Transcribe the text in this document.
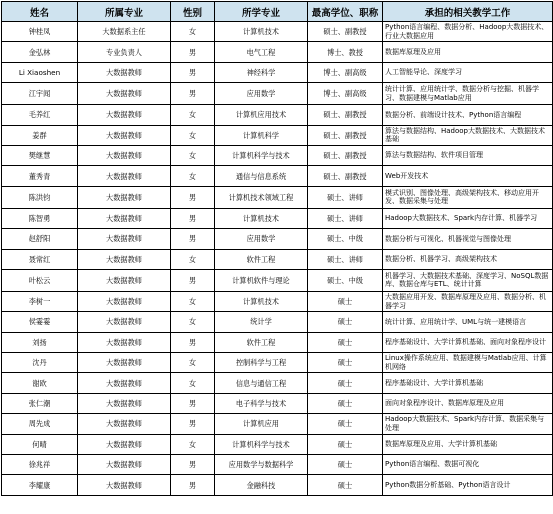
姓名	所属专业	性别	所学专业	最高学位、职称	承担的相关教学工作
钟桂凤	大数据系主任	女	计算机技术	硕士、副教授	Python语言编程、数据分析、Hadoop大数据技术、行业大数据应用
金弘林	专业负责人	男	电气工程	博士、教授	数据库原理及应用
Li Xiaoshen	大数据教师	男	神经科学	博士、副高级	人工智能导论、深度学习
江宇闻	大数据教师	男	应用数学	博士、副高级	统计计算、应用统计学、数据分析与挖掘、机器学习、数据建模与Matlab应用
毛养红	大数据教师	女	计算机应用技术	硕士、副教授	数据分析、前端设计技术、Python语言编程
姜群	大数据教师	女	计算机科学	硕士、副教授	算法与数据结构、Hadoop大数据技术、大数据技术基础
樊继慧	大数据教师	女	计算机科学与技术	硕士、副教授	算法与数据结构、软件项目管理
董秀青	大数据教师	女	通信与信息系统	硕士、副教授	Web开发技术
陈洪钧	大数据教师	男	计算机技术领域工程	硕士、讲师	模式识别、图像处理、高级架构技术、移动应用开发、数据采集与处理
陈智勇	大数据教师	男	计算机技术	硕士、讲师	Hadoop大数据技术、Spark内存计算、机器学习
赵舒阳	大数据教师	男	应用数学	硕士、中级	数据分析与可视化、机器视觉与图像处理
聂常红	大数据教师	女	软件工程	硕士、讲师	数据分析、机器学习、高级架构技术
叶松云	大数据教师	男	计算机软件与理论	硕士、中级	机器学习、大数据技术基础、深度学习、NoSQL数据库、数据仓库与ETL、统计计算
李树一	大数据教师	女	计算机技术	硕士	大数据应用开发、数据库原理及应用、数据分析、机器学习
侯霎霎	大数据教师	女	统计学	硕士	统计计算、应用统计学、UML与统一建模语言
刘扬	大数据教师	男	软件工程	硕士	程序基础设计、大学计算机基础、面向对象程序设计
沈丹	大数据教师	女	控制科学与工程	硕士	Linux操作系统应用、数据建模与Matlab应用、计算机网络
谢欧	大数据教师	女	信息与通信工程	硕士	程序基础设计、大学计算机基础
张仁潮	大数据教师	男	电子科学与技术	硕士	面向对象程序设计、数据库原理及应用
周先成	大数据教师	男	计算机应用	硕士	Hadoop大数据技术、Spark内存计算、数据采集与处理
何晴	大数据教师	女	计算机科学与技术	硕士	数据库原理及应用、大学计算机基础
徐兆祥	大数据教师	男	应用数学与数据科学	硕士	Python语言编程、数据可视化
李耀康	大数据教师	男	金融科技	硕士	Python数据分析基础、Python语言设计
